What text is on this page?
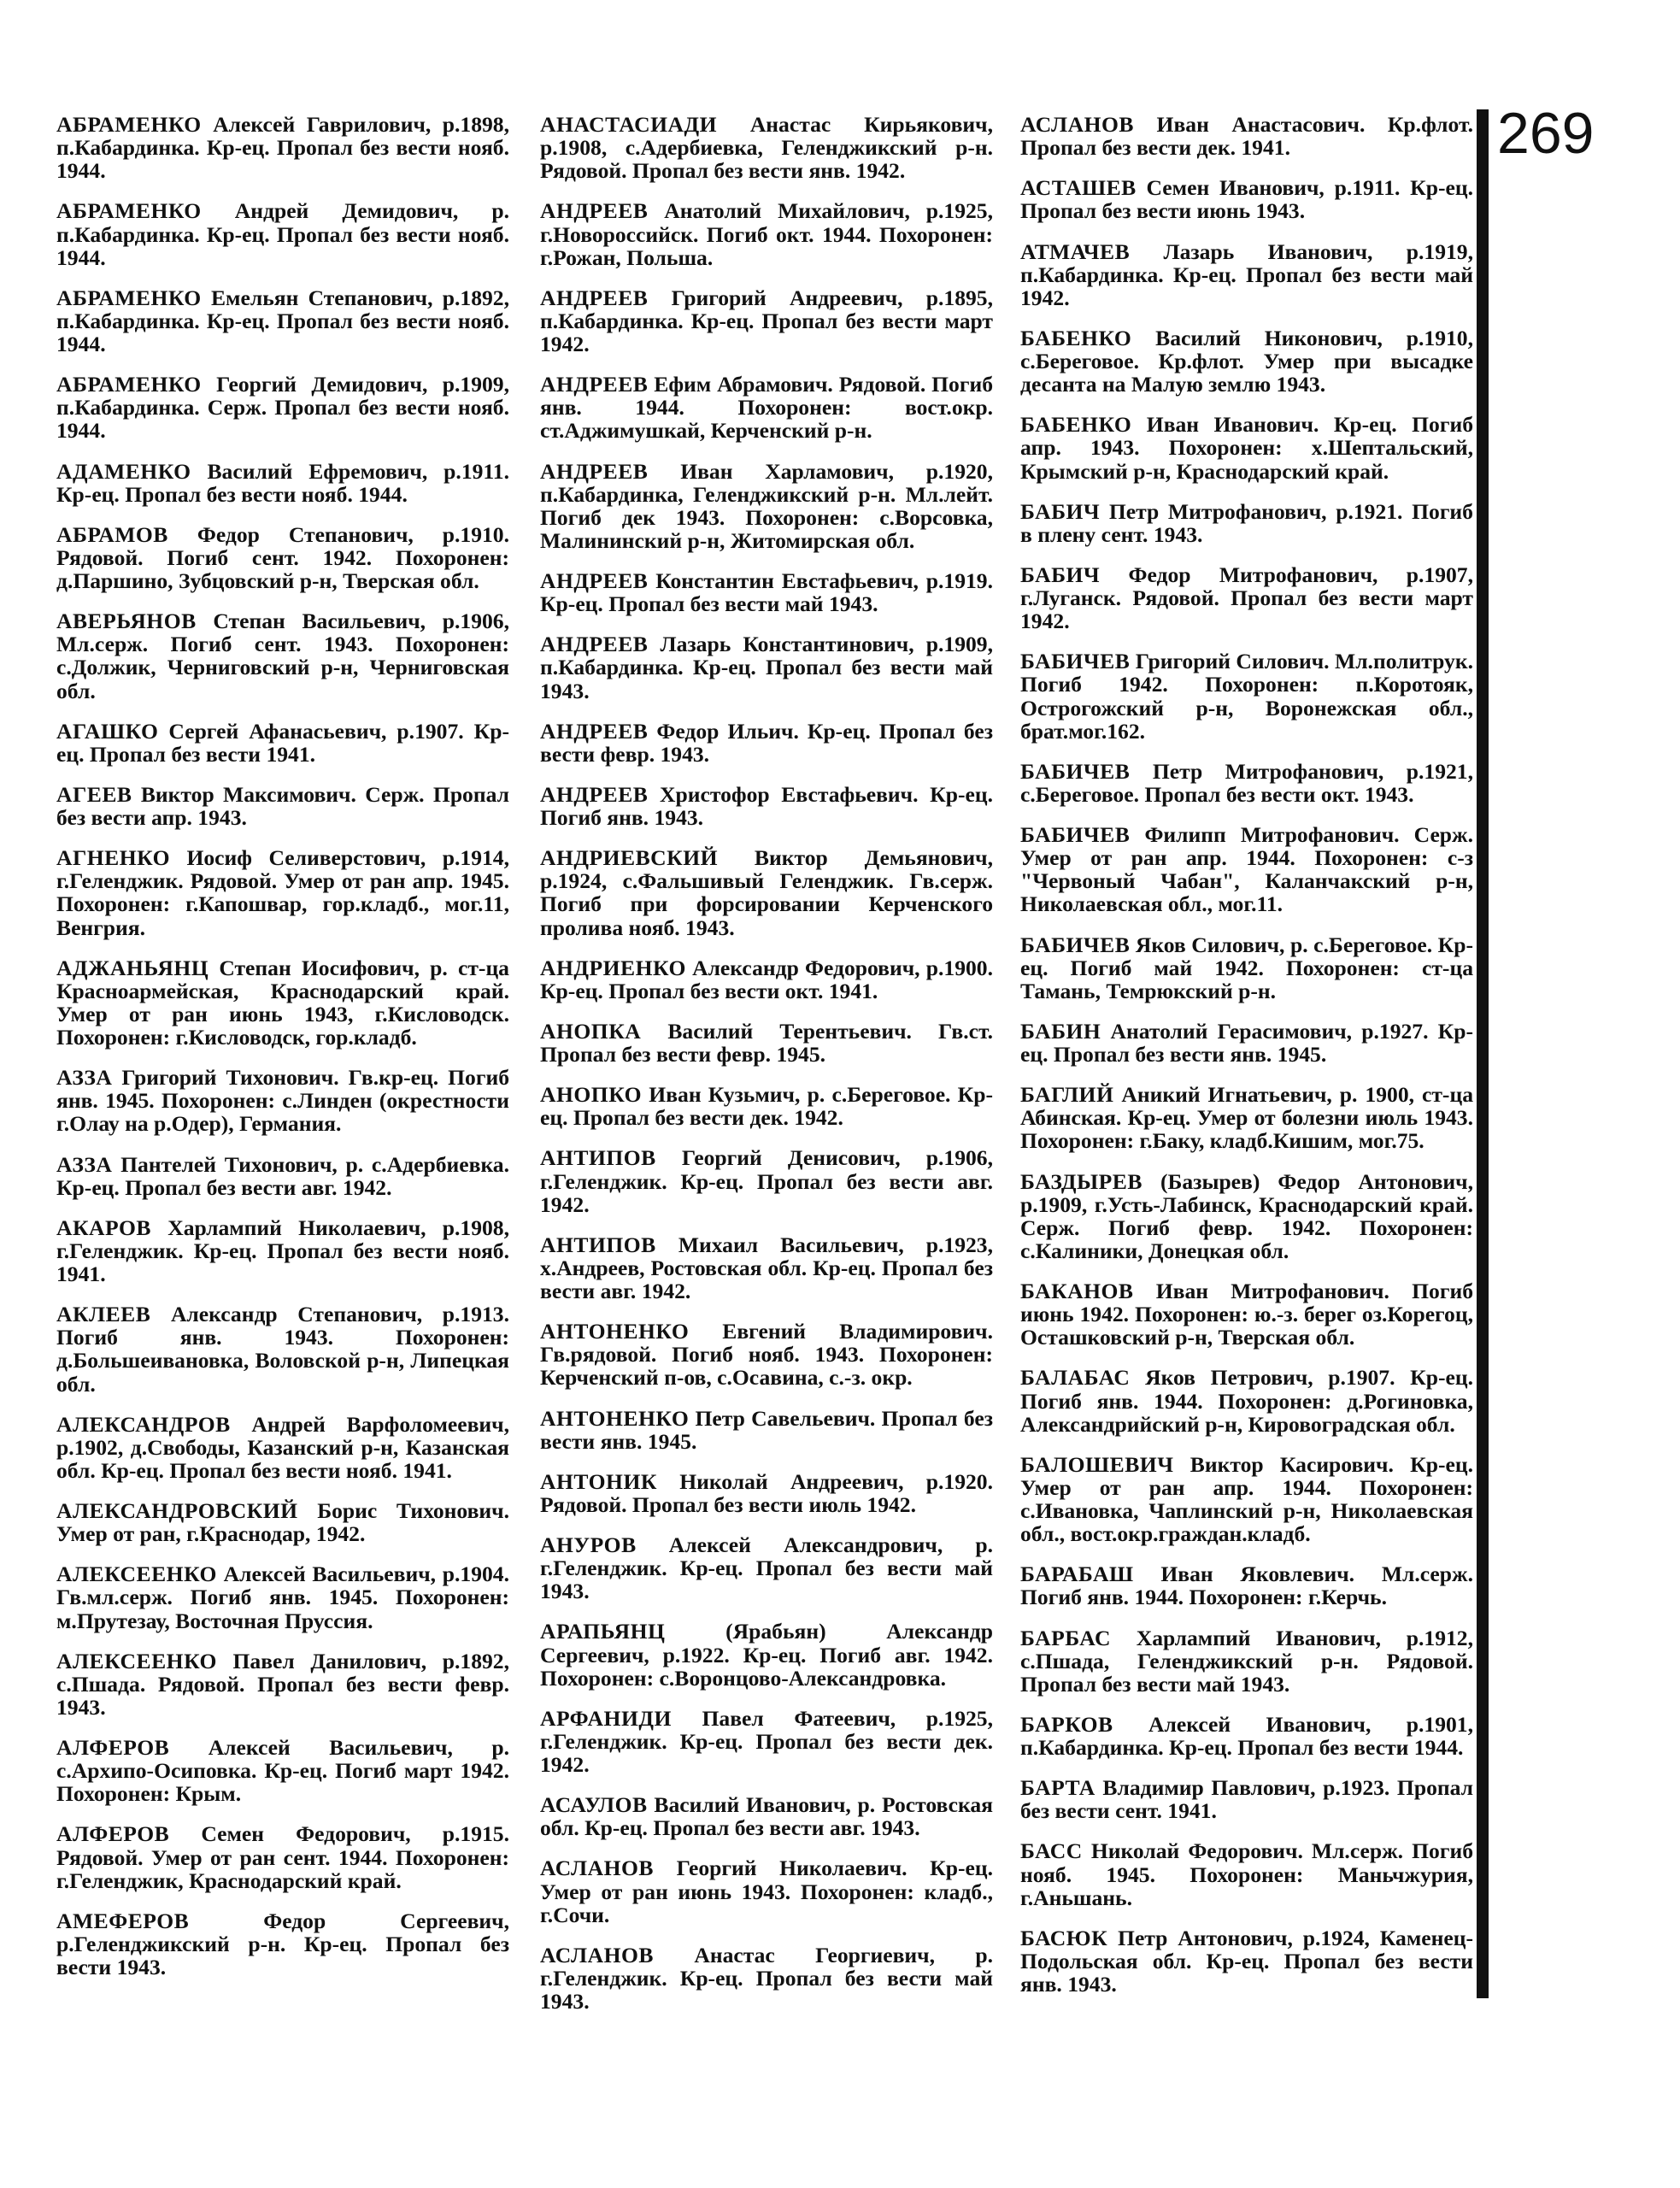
АБРАМЕНКО Алексей Гаврилович, р.1898, п.Кабардинка. Кр-ец. Пропал без вести нояб. 1944.

АБРАМЕНКО Андрей Демидович, р. п.Кабардинка. Кр-ец. Пропал без вести нояб. 1944.

АБРАМЕНКО Емельян Степанович, р.1892, п.Кабардинка. Кр-ец. Пропал без вести нояб. 1944.

АБРАМЕНКО Георгий Демидович, р.1909, п.Кабардинка. Серж. Пропал без вести нояб. 1944.

АДАМЕНКО Василий Ефремович, р.1911. Кр-ец. Пропал без вести нояб. 1944.

АБРАМОВ Федор Степанович, р.1910. Рядовой. Погиб сент. 1942. Похоронен: д.Паршино, Зубцовский р-н, Тверская обл.

АВЕРЬЯНОВ Степан Васильевич, р.1906, Мл.серж. Погиб сент. 1943. Похоронен: с.Должик, Черниговский р-н, Черниговская обл.

АГАШКО Сергей Афанасьевич, р.1907. Кр-ец. Пропал без вести 1941.

АГЕЕВ Виктор Максимович. Серж. Пропал без вести апр. 1943.

АГНЕНКО Иосиф Селиверстович, р.1914, г.Геленджик. Рядовой. Умер от ран апр. 1945. Похоронен: г.Капошвар, гор.кладб., мог.11, Венгрия.

АДЖАНЬЯНЦ Степан Иосифович, р. ст-ца Красноармейская, Краснодарский край. Умер от ран июнь 1943, г.Кисловодск. Похоронен: г.Кисловодск, гор.кладб.

АЗЗА Григорий Тихонович. Гв.кр-ец. Погиб янв. 1945. Похоронен: с.Линден (окрестности г.Олау на р.Одер), Германия.

АЗЗА Пантелей Тихонович, р. с.Адербиевка. Кр-ец. Пропал без вести авг. 1942.

АКАРОВ Харлампий Николаевич, р.1908, г.Геленджик. Кр-ец. Пропал без вести нояб. 1941.

АКЛЕЕВ Александр Степанович, р.1913. Погиб янв. 1943. Похоронен: д.Большеивановка, Воловской р-н, Липецкая обл.

АЛЕКСАНДРОВ Андрей Варфоломеевич, р.1902, д.Свободы, Казанский р-н, Казанская обл. Кр-ец. Пропал без вести нояб. 1941.

АЛЕКСАНДРОВСКИЙ Борис Тихонович. Умер от ран, г.Краснодар, 1942.

АЛЕКСЕЕНКО Алексей Васильевич, р.1904. Гв.мл.серж. Погиб янв. 1945. Похоронен: м.Прутезау, Восточная Пруссия.

АЛЕКСЕЕНКО Павел Данилович, р.1892, с.Пшада. Рядовой. Пропал без вести февр. 1943.

АЛФЕРОВ Алексей Васильевич, р. с.Архипо-Осиповка. Кр-ец. Погиб март 1942. Похоронен: Крым.

АЛФЕРОВ Семен Федорович, р.1915. Рядовой. Умер от ран сент. 1944. Похоронен: г.Геленджик, Краснодарский край.

АМЕФЕРОВ	Федор Сергеевич, р.Геленджикский р-н. Кр-ец. Пропал без вести 1943.

АНАСТАСИАДИ Анастас Кирьякович, р.1908, с.Адербиевка, Геленджикский р-н. Рядовой. Пропал без вести янв. 1942.

АНДРЕЕВ Анатолий Михайлович, р.1925, г.Новороссийск. Погиб окт. 1944. Похоронен: г.Рожан, Польша.

АНДРЕЕВ Григорий Андреевич, р.1895, п.Кабардинка. Кр-ец. Пропал без вести март 1942.

АНДРЕЕВ Ефим Абрамович. Рядовой. Погиб янв. 1944. Похоронен: вост.окр. ст.Аджимушкай, Керченский р-н.

АНДРЕЕВ Иван Харламович, р.1920, п.Кабардинка, Геленджикский р-н. Мл.лейт. Погиб дек 1943. Похоронен: с.Ворсовка, Малининский р-н, Житомирская обл.

АНДРЕЕВ Константин Евстафьевич, р.1919. Кр-ец. Пропал без вести май 1943.

АНДРЕЕВ Лазарь Константинович, р.1909, п.Кабардинка. Кр-ец. Пропал без вести май 1943.

АНДРЕЕВ Федор Ильич. Кр-ец. Пропал без вести февр. 1943.

АНДРЕЕВ Христофор Евстафьевич. Кр-ец. Погиб янв. 1943.

АНДРИЕВСКИЙ Виктор Демьянович, р.1924, с.Фальшивый Геленджик. Гв.серж. Погиб при форсировании Керченского пролива нояб. 1943.

АНДРИЕНКО Александр Федорович, р.1900. Кр-ец. Пропал без вести окт. 1941.

АНОПКА Василий Терентьевич. Гв.ст. Пропал без вести февр. 1945.

АНОПКО Иван Кузьмич, р. с.Береговое. Кр-ец. Пропал без вести дек. 1942.

АНТИПОВ Георгий Денисович, р.1906, г.Геленджик. Кр-ец. Пропал без вести авг. 1942.

АНТИПОВ Михаил Васильевич, р.1923, х.Андреев, Ростовская обл. Кр-ец. Пропал без вести авг. 1942.

АНТОНЕНКО Евгений Владимирович. Гв.рядовой. Погиб нояб. 1943. Похоронен: Керченский п-ов, с.Осавина, с.-з. окр.

АНТОНЕНКО Петр Савельевич. Пропал без вести янв. 1945.

АНТОНИК Николай Андреевич, р.1920. Рядовой. Пропал без вести июль 1942.

АНУРОВ Алексей Александрович, р. г.Геленджик. Кр-ец. Пропал без вести май 1943.

АРАПЬЯНЦ	(Ярабьян) Александр Сергеевич, р.1922. Кр-ец. Погиб авг. 1942. Похоронен: с.Воронцово-Александровка.

АРФАНИДИ Павел Фатеевич, р.1925, г.Геленджик. Кр-ец. Пропал без вести дек. 1942.

АСАУЛОВ Василий Иванович, р. Ростовская обл. Кр-ец. Пропал без вести авг. 1943.

АСЛАНОВ Георгий Николаевич. Кр-ец. Умер от ран июнь 1943. Похоронен: кладб., г.Сочи.

АСЛАНОВ Анастас Георгиевич, р. г.Геленджик. Кр-ец. Пропал без вести май 1943.

АСЛАНОВ Иван Анастасович. Кр.флот. Пропал без вести дек. 1941.

АСТАШЕВ Семен Иванович, р.1911. Кр-ец. Пропал без вести июнь 1943.

АТМАЧЕВ Лазарь Иванович, р.1919, п.Кабардинка. Кр-ец. Пропал без вести май 1942.

БАБЕНКО Василий Никонович, р.1910, с.Береговое. Кр.флот. Умер при высадке десанта на Малую землю 1943.

БАБЕНКО Иван Иванович. Кр-ец. Погиб апр. 1943. Похоронен: х.Шептальский, Крымский р-н, Краснодарский край.

БАБИЧ Петр Митрофанович, р.1921. Погиб в плену сент. 1943.

БАБИЧ Федор Митрофанович, р.1907, г.Луганск. Рядовой. Пропал без вести март 1942.

БАБИЧЕВ Григорий Силович. Мл.политрук. Погиб 1942. Похоронен: п.Коротояк, Острогожский р-н, Воронежская обл., брат.мог.162.

БАБИЧЕВ Петр Митрофанович, р.1921, с.Береговое. Пропал без вести окт. 1943.

БАБИЧЕВ Филипп Митрофанович. Серж. Умер от ран апр. 1944. Похоронен: с-з "Червоный Чабан", Каланчакский р-н, Николаевская обл., мог.11.

БАБИЧЕВ Яков Силович, р. с.Береговое. Кр-ец. Погиб май 1942. Похоронен: ст-ца Тамань, Темрюкский р-н.

БАБИН Анатолий Герасимович, р.1927. Кр-ец. Пропал без вести янв. 1945.

БАГЛИЙ Аникий Игнатьевич, р. 1900, ст-ца Абинская. Кр-ец. Умер от болезни июль 1943. Похоронен: г.Баку, кладб.Кишим, мог.75.

БАЗДЫРЕВ (Базырев) Федор Антонович, р.1909, г.Усть-Лабинск, Краснодарский край. Серж. Погиб февр. 1942. Похоронен: с.Калиники, Донецкая обл.

БАКАНОВ Иван Митрофанович. Погиб июнь 1942. Похоронен: ю.-з. берег оз.Корегоц, Осташковский р-н, Тверская обл.

БАЛАБАС Яков Петрович, р.1907. Кр-ец. Погиб янв. 1944. Похоронен: д.Рогиновка, Александрийский р-н, Кировоградская обл.

БАЛОШЕВИЧ Виктор Касирович. Кр-ец. Умер от ран апр. 1944. Похоронен: с.Ивановка, Чаплинский р-н, Николаевская обл., вост.окр.граждан.кладб.

БАРАБАШ Иван Яковлевич. Мл.серж. Погиб янв. 1944. Похоронен: г.Керчь.

БАРБАС Харлампий Иванович, р.1912, с.Пшада, Геленджикский р-н. Рядовой. Пропал без вести май 1943.

БАРКОВ Алексей Иванович, р.1901, п.Кабардинка. Кр-ец. Пропал без вести 1944.

БАРТА Владимир Павлович, р.1923. Пропал без вести сент. 1941.

БАСС Николай Федорович. Мл.серж. Погиб нояб. 1945. Похоронен: Маньчжурия, г.Аньшань.

БАСЮК Петр Антонович, р.1924, Каменец-Подольская обл. Кр-ец. Пропал без вести янв. 1943.

269
